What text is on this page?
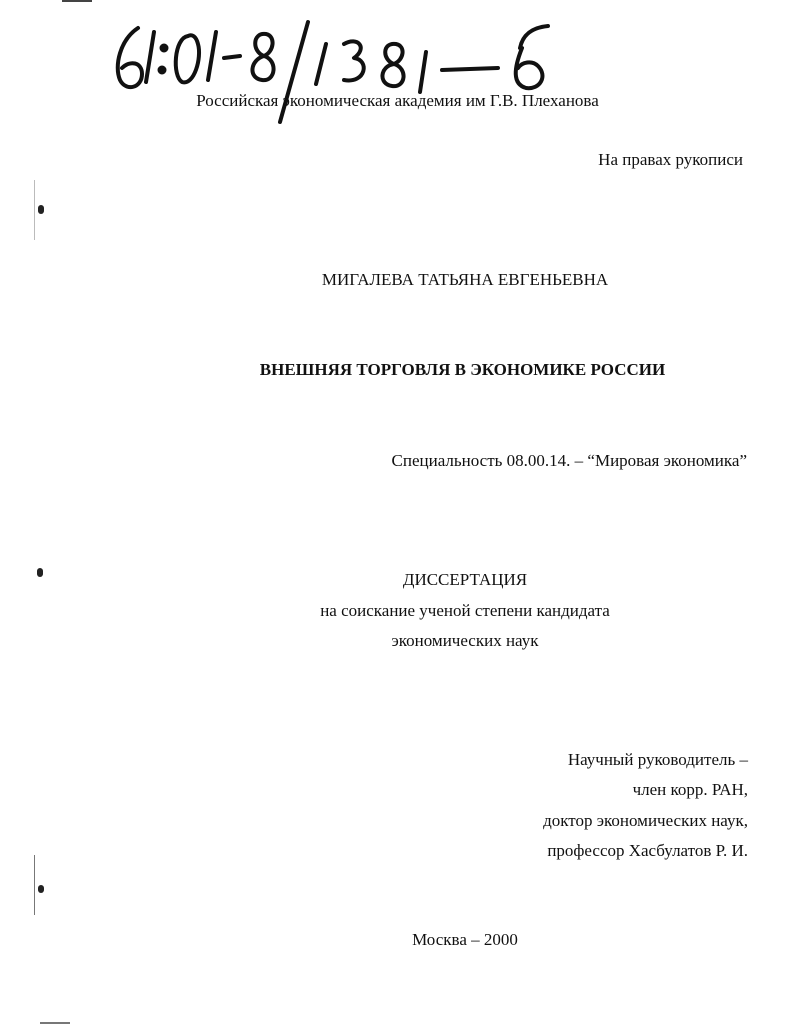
Российская экономическая академия им Г.В. Плеханова
На правах рукописи
МИГАЛЕВА ТАТЬЯНА ЕВГЕНЬЕВНА
ВНЕШНЯЯ ТОРГОВЛЯ В ЭКОНОМИКЕ РОССИИ
Специальность 08.00.14. – “Мировая экономика”
ДИССЕРТАЦИЯ
на соискание ученой степени кандидата
экономических наук
Научный руководитель –
член корр. РАН,
доктор экономических наук,
профессор Хасбулатов Р. И.
Москва – 2000
